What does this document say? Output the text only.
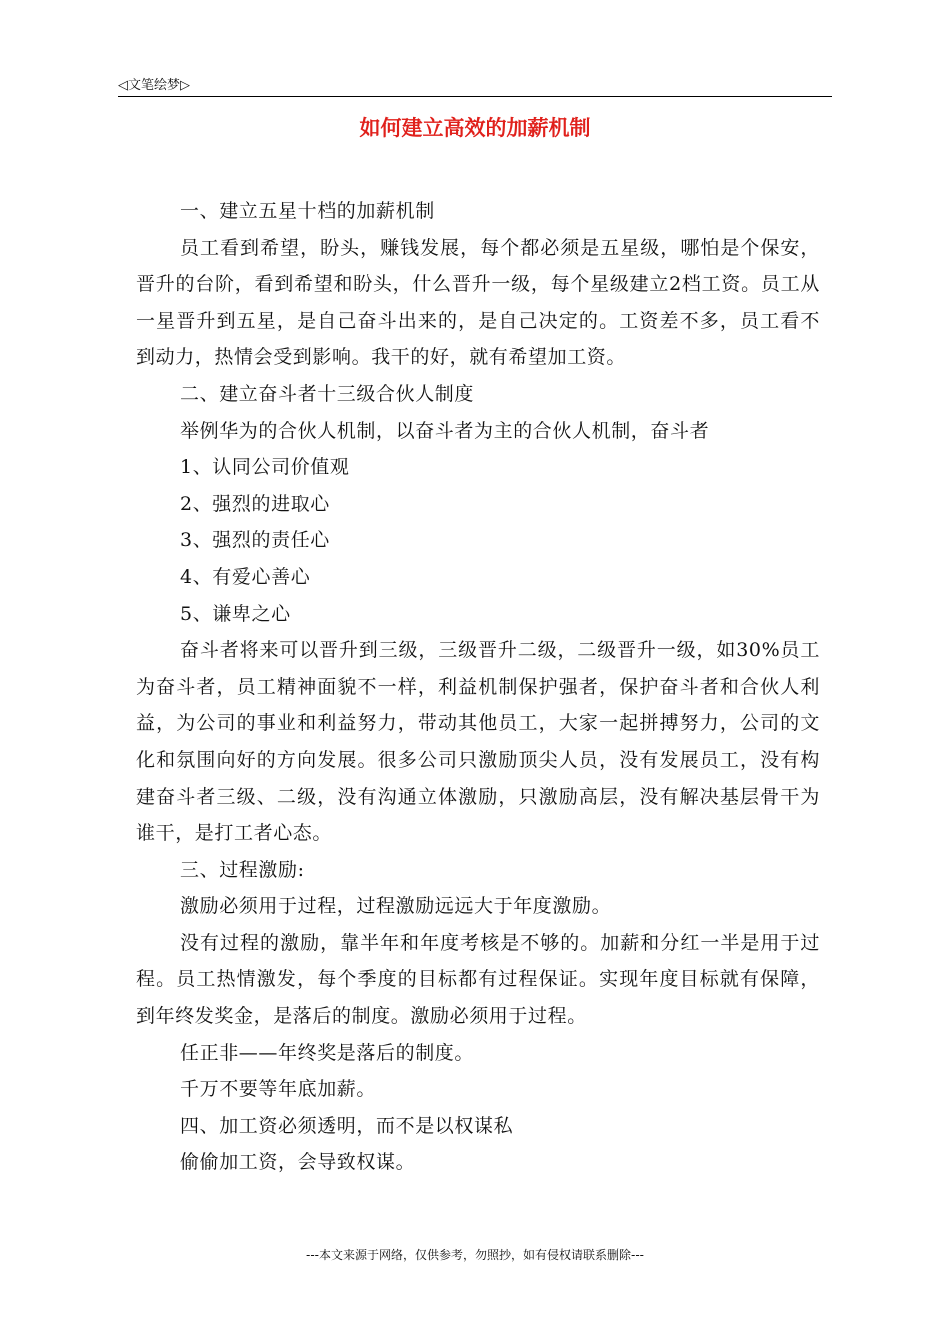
◁文笔绘梦▷
如何建立高效的加薪机制

一、建立五星十档的加薪机制

员工看到希望，盼头，赚钱发展，每个都必须是五星级，哪怕是个保安，晋升的台阶，看到希望和盼头，什么晋升一级，每个星级建立2档工资。员工从一星晋升到五星，是自己奋斗出来的，是自己决定的。工资差不多，员工看不到动力，热情会受到影响。我干的好，就有希望加工资。

二、建立奋斗者十三级合伙人制度

举例华为的合伙人机制，以奋斗者为主的合伙人机制，奋斗者

1、认同公司价值观

2、强烈的进取心

3、强烈的责任心

4、有爱心善心

5、谦卑之心

奋斗者将来可以晋升到三级，三级晋升二级，二级晋升一级，如30%员工为奋斗者，员工精神面貌不一样，利益机制保护强者，保护奋斗者和合伙人利益，为公司的事业和利益努力，带动其他员工，大家一起拼搏努力，公司的文化和氛围向好的方向发展。很多公司只激励顶尖人员，没有发展员工，没有构建奋斗者三级、二级，没有沟通立体激励，只激励高层，没有解决基层骨干为谁干，是打工者心态。

三、过程激励:

激励必须用于过程，过程激励远远大于年度激励。

没有过程的激励，靠半年和年度考核是不够的。加薪和分红一半是用于过程。员工热情激发，每个季度的目标都有过程保证。实现年度目标就有保障，到年终发奖金，是落后的制度。激励必须用于过程。

任正非——年终奖是落后的制度。

千万不要等年底加薪。

四、加工资必须透明，而不是以权谋私

偷偷加工资，会导致权谋。

---本文来源于网络，仅供参考，勿照抄，如有侵权请联系删除---
